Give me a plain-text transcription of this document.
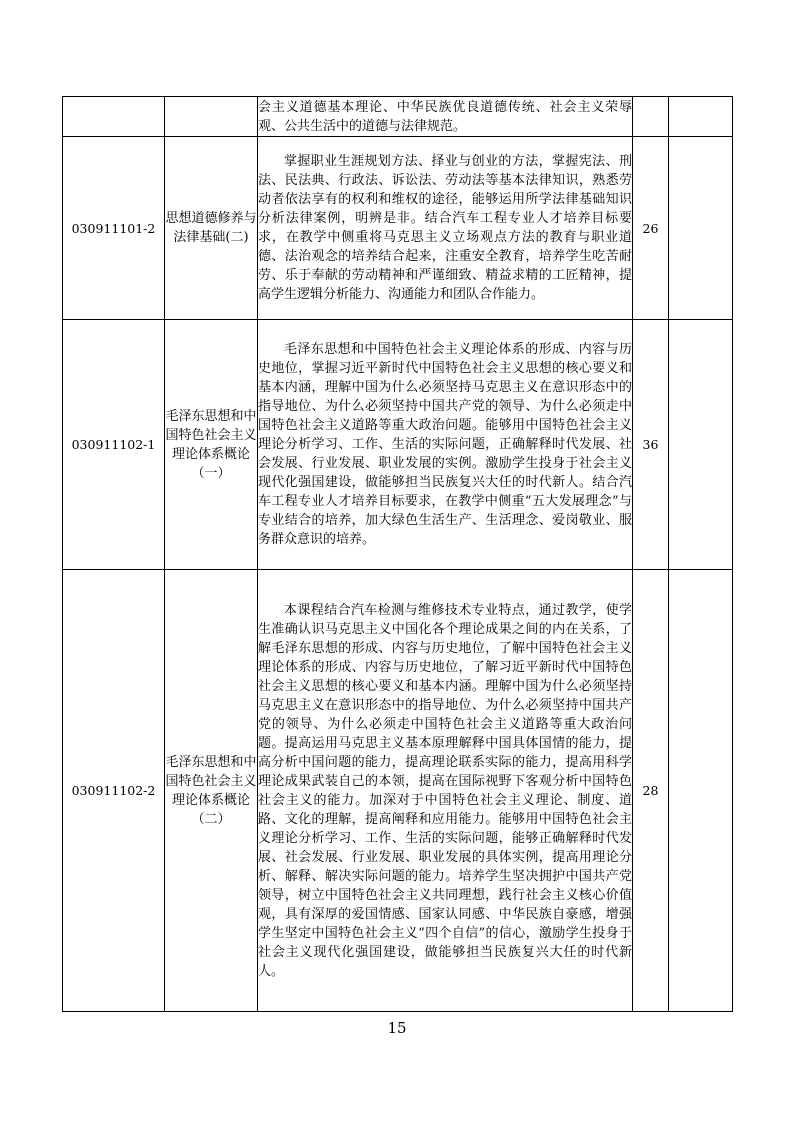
		会主义道德基本理论、中华民族优良道德传统、社会主义荣辱观、公共生活中的道德与法律规范。		

030911101-2	思想道德修养与法律基础(二)	掌握职业生涯规划方法、择业与创业的方法，掌握宪法、刑法、民法典、行政法、诉讼法、劳动法等基本法律知识，熟悉劳动者依法享有的权利和维权的途径，能够运用所学法律基础知识分析法律案例，明辨是非。结合汽车工程专业人才培养目标要求，在教学中侧重将马克思主义立场观点方法的教育与职业道德、法治观念的培养结合起来，注重安全教育，培养学生吃苦耐劳、乐于奉献的劳动精神和严谨细致、精益求精的工匠精神，提高学生逻辑分析能力、沟通能力和团队合作能力。	26	
030911102-1	毛泽东思想和中国特色社会主义理论体系概论（一）	毛泽东思想和中国特色社会主义理论体系的形成、内容与历史地位，掌握习近平新时代中国特色社会主义思想的核心要义和基本内涵，理解中国为什么必须坚持马克思主义在意识形态中的指导地位、为什么必须坚持中国共产党的领导、为什么必须走中国特色社会主义道路等重大政治问题。能够用中国特色社会主义理论分析学习、工作、生活的实际问题，正确解释时代发展、社会发展、行业发展、职业发展的实例。激励学生投身于社会主义现代化强国建设，做能够担当民族复兴大任的时代新人。结合汽车工程专业人才培养目标要求，在教学中侧重“五大发展理念”与专业结合的培养，加大绿色生活生产、生活理念、爱岗敬业、服务群众意识的培养。	36	
030911102-2	毛泽东思想和中国特色社会主义理论体系概论（二）	本课程结合汽车检测与维修技术专业特点，通过教学，使学生准确认识马克思主义中国化各个理论成果之间的内在关系，了解毛泽东思想的形成、内容与历史地位，了解中国特色社会主义理论体系的形成、内容与历史地位，了解习近平新时代中国特色社会主义思想的核心要义和基本内涵。理解中国为什么必须坚持马克思主义在意识形态中的指导地位、为什么必须坚持中国共产党的领导、为什么必须走中国特色社会主义道路等重大政治问题。提高运用马克思主义基本原理解释中国具体国情的能力，提高分析中国问题的能力，提高理论联系实际的能力，提高用科学理论成果武装自己的本领，提高在国际视野下客观分析中国特色社会主义的能力。加深对于中国特色社会主义理论、制度、道路、文化的理解，提高阐释和应用能力。能够用中国特色社会主义理论分析学习、工作、生活的实际问题，能够正确解释时代发展、社会发展、行业发展、职业发展的具体实例，提高用理论分析、解释、解决实际问题的能力。培养学生坚决拥护中国共产党领导，树立中国特色社会主义共同理想，践行社会主义核心价值观，具有深厚的爱国情感、国家认同感、中华民族自豪感，增强学生坚定中国特色社会主义“四个自信”的信心，激励学生投身于社会主义现代化强国建设，做能够担当民族复兴大任的时代新人。	28	
15
